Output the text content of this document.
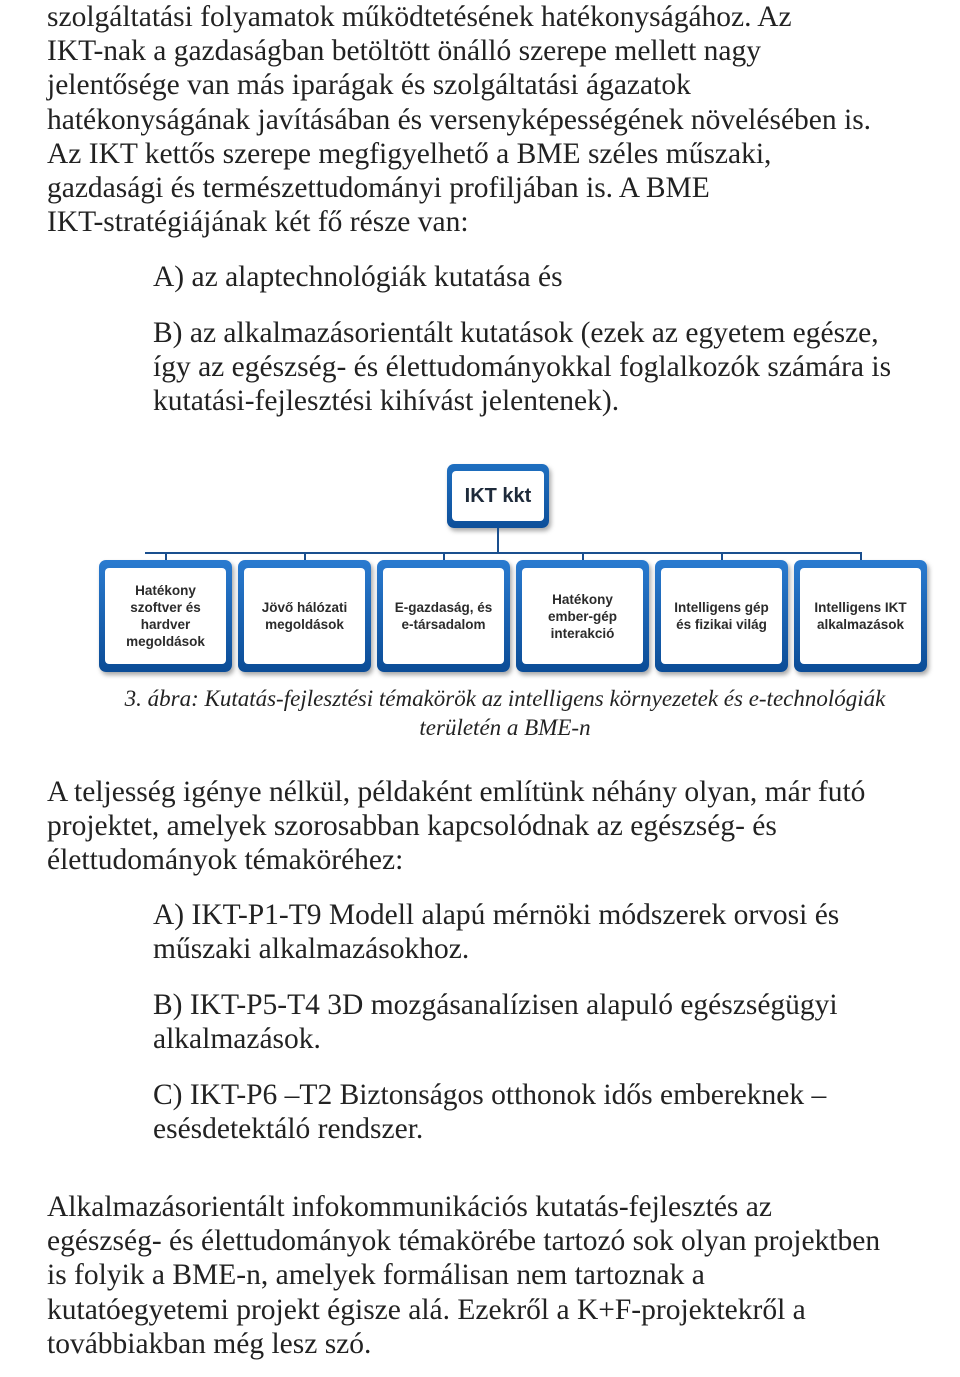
szolgáltatási folyamatok működtetésének hatékonyságához. Az
IKT-nak a gazdaságban betöltött önálló szerepe mellett nagy
jelentősége van más iparágak és szolgáltatási ágazatok
hatékonyságának javításában és versenyképességének növelésében is.
Az IKT kettős szerepe megfigyelhető a BME széles műszaki,
gazdasági és természettudományi profiljában is. A BME
IKT-stratégiájának két fő része van:

A) az alaptechnológiák kutatása és

B) az alkalmazásorientált kutatások (ezek az egyetem egésze,
így az egészség- és élettudományokkal foglalkozók számára is
kutatási-fejlesztési kihívást jelentenek).

IKT kkt
Hatékony
szoftver és
hardver
megoldások
Jövő hálózati
megoldások
E-gazdaság, és
e-társadalom
Hatékony
ember-gép
interakció
Intelligens gép
és fizikai világ
Intelligens IKT
alkalmazások

3. ábra: Kutatás-fejlesztési témakörök az intelligens környezetek és e-technológiák
területén a BME-n

A teljesség igénye nélkül, példaként említünk néhány olyan, már futó
projektet, amelyek szorosabban kapcsolódnak az egészség- és
élettudományok témaköréhez:

A) IKT-P1-T9 Modell alapú mérnöki módszerek orvosi és
műszaki alkalmazásokhoz.

B) IKT-P5-T4 3D mozgásanalízisen alapuló egészségügyi
alkalmazások.

C) IKT-P6 –T2 Biztonságos otthonok idős embereknek –
esésdetektáló rendszer.

Alkalmazásorientált infokommunikációs kutatás-fejlesztés az
egészség- és élettudományok témakörébe tartozó sok olyan projektben
is folyik a BME-n, amelyek formálisan nem tartoznak a
kutatóegyetemi projekt égisze alá. Ezekről a K+F-projektekről a
továbbiakban még lesz szó.
